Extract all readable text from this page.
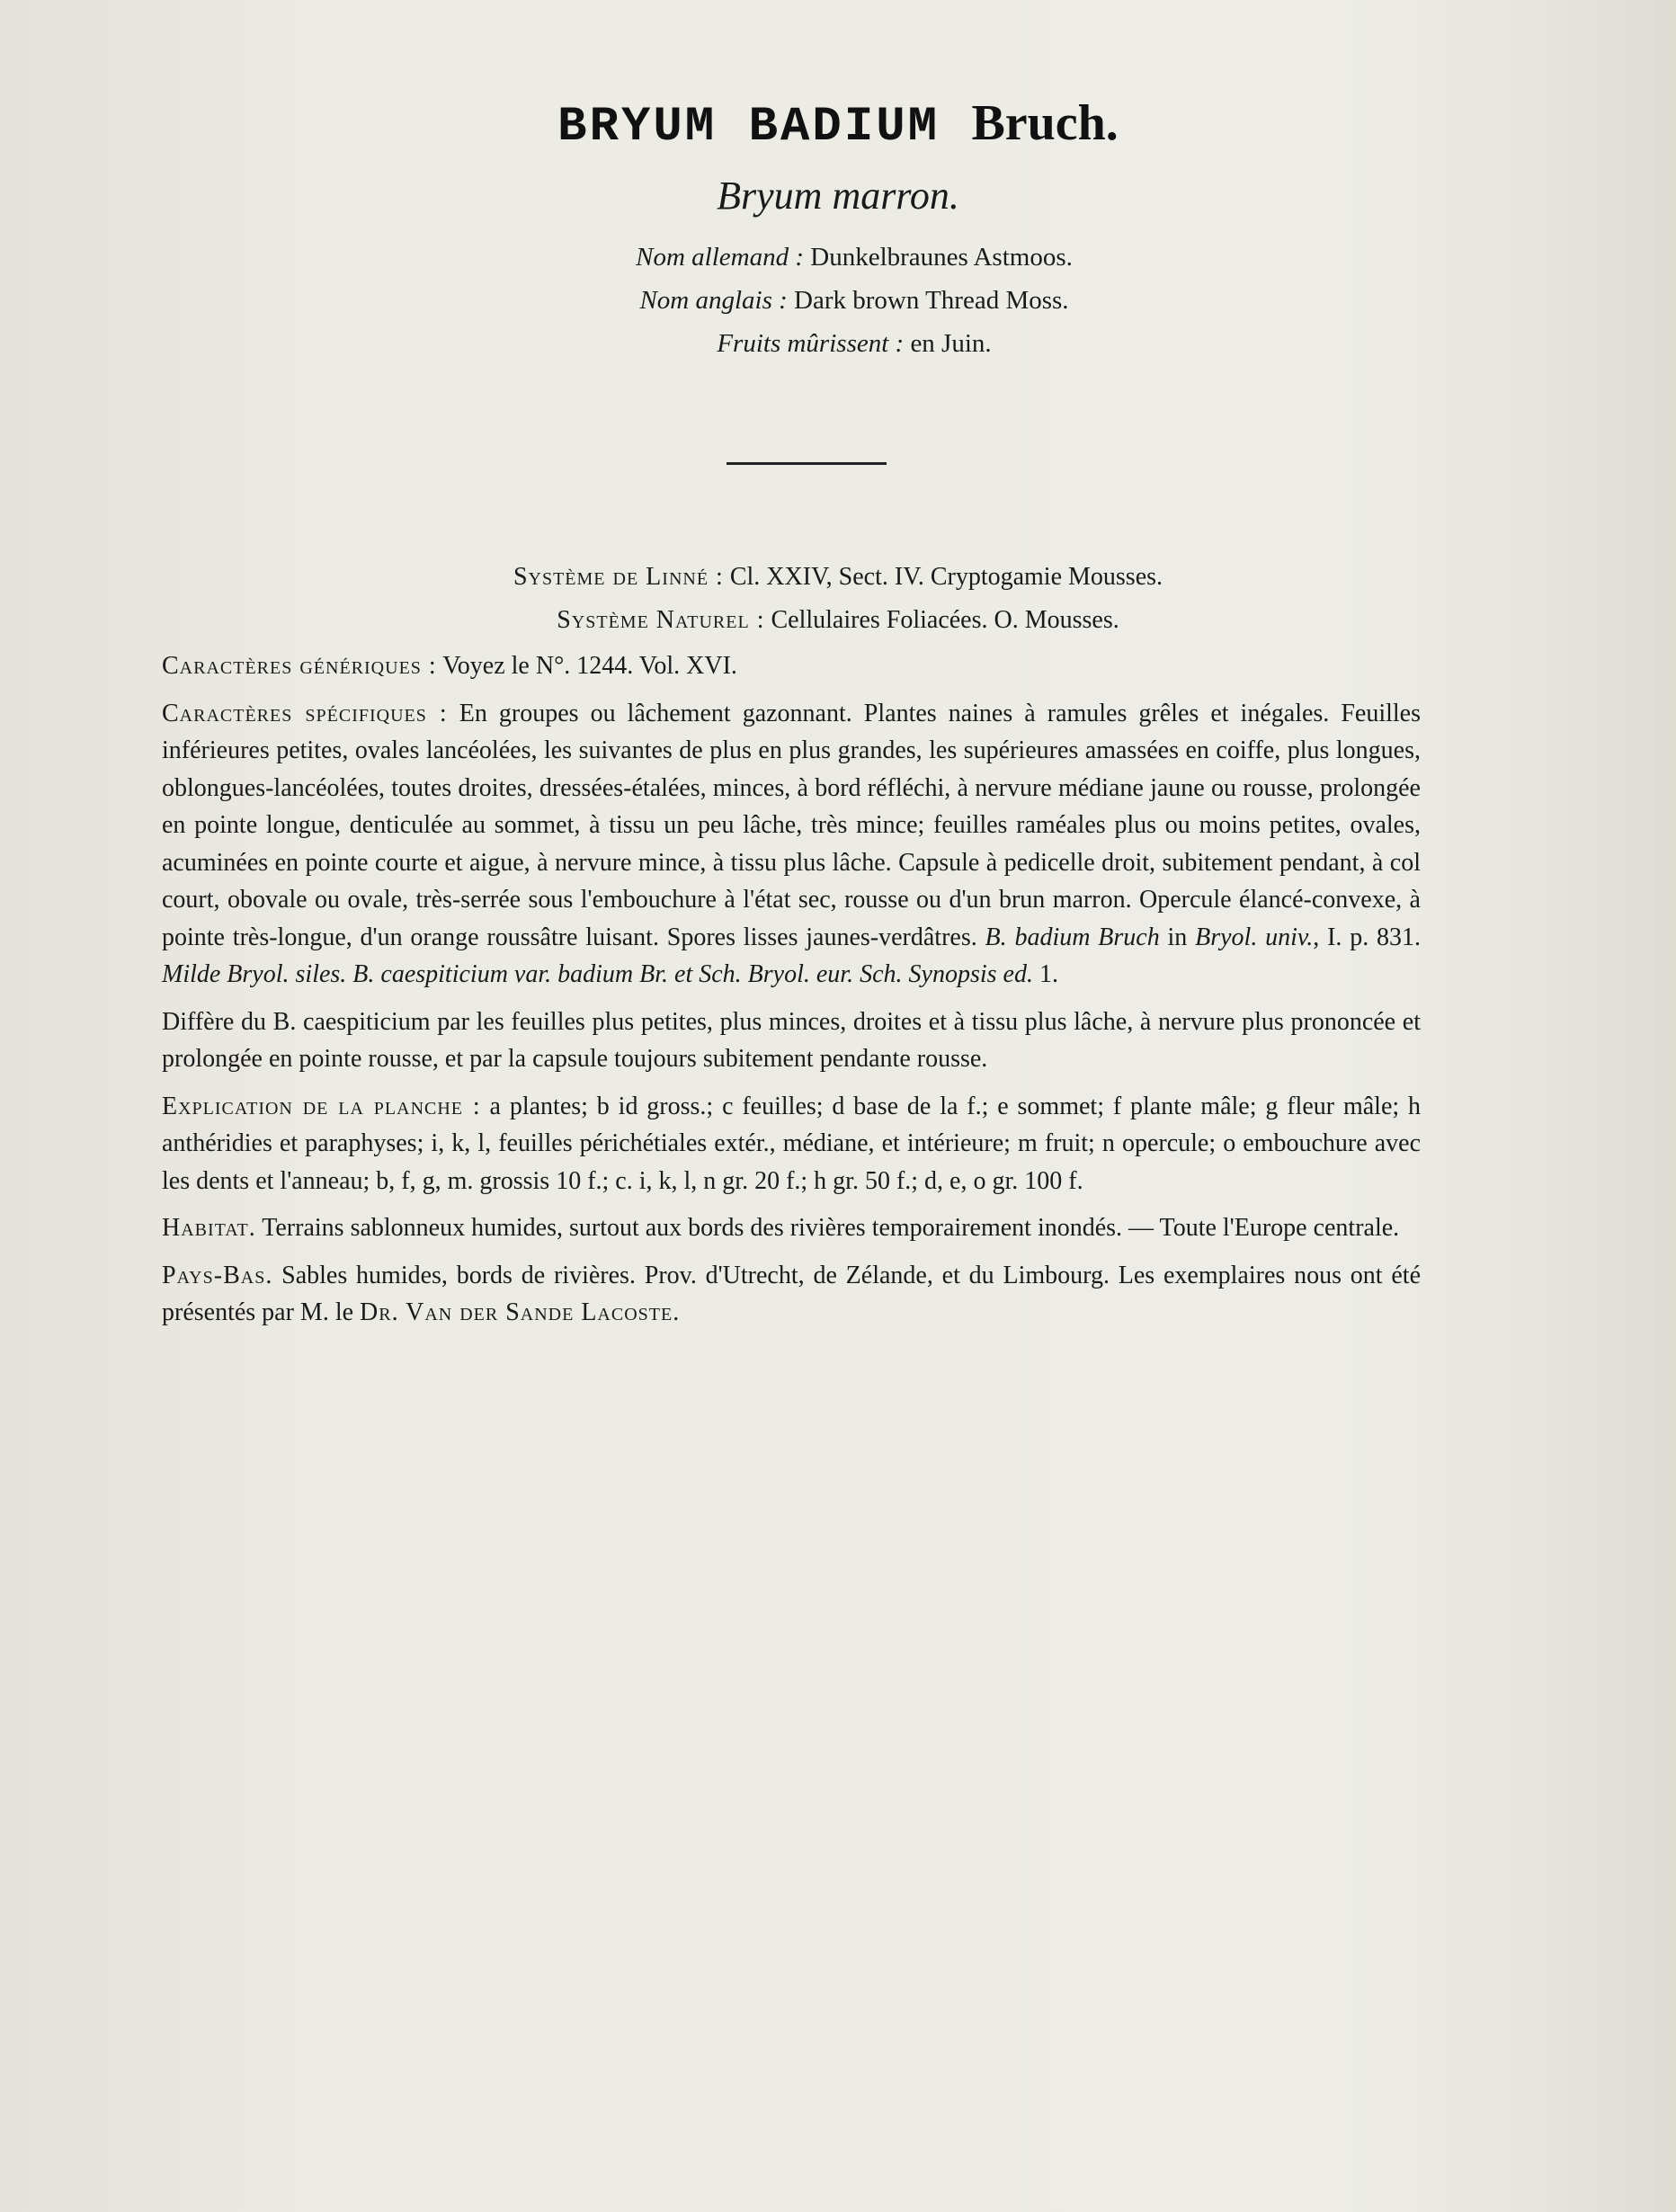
BRYUM BADIUM Bruch.
Bryum marron.
Nom allemand : Dunkelbraunes Astmoos.
Nom anglais : Dark brown Thread Moss.
Fruits mûrissent : en Juin.
Système de Linné : Cl. XXIV, Sect. IV. Cryptogamie Mousses.
Système Naturel : Cellulaires Foliacées. O. Mousses.

Caractères génériques : Voyez le N°. 1244. Vol. XVI.

Caractères spécifiques : En groupes ou lâchement gazonnant. Plantes naines à ramules grêles et inégales. Feuilles inférieures petites, ovales lancéolées, les suivantes de plus en plus grandes, les supérieures amassées en coiffe, plus longues, oblongues-lancéolées, toutes droites, dressées-étalées, minces, à bord réfléchi, à nervure médiane jaune ou rousse, prolongée en pointe longue, denticulée au sommet, à tissu un peu lâche, très mince; feuilles raméales plus ou moins petites, ovales, acuminées en pointe courte et aigue, à nervure mince, à tissu plus lâche. Capsule à pedicelle droit, subitement pendant, à col court, obovale ou ovale, très-serrée sous l'embouchure à l'état sec, rousse ou d'un brun marron. Opercule élancé-convexe, à pointe très-longue, d'un orange roussâtre luisant. Spores lisses jaunes-verdâtres. B. badium Bruch in Bryol. univ., I. p. 831. Milde Bryol. siles. B. caespiticium var. badium Br. et Sch. Bryol. eur. Sch. Synopsis ed. 1.

Diffère du B. caespiticium par les feuilles plus petites, plus minces, droites et à tissu plus lâche, à nervure plus prononcée et prolongée en pointe rousse, et par la capsule toujours subitement pendante rousse.

Explication de la planche : a plantes; b id gross.; c feuilles; d base de la f.; e sommet; f plante mâle; g fleur mâle; h anthéridies et paraphyses; i, k, l, feuilles périchétiales extér., médiane, et intérieure; m fruit; n opercule; o embouchure avec les dents et l'anneau; b, f, g, m. grossis 10 f.; c. i, k, l, n gr. 20 f.; h gr. 50 f.; d, e, o gr. 100 f.

Habitat. Terrains sablonneux humides, surtout aux bords des rivières temporairement inondés. — Toute l'Europe centrale.

Pays-Bas. Sables humides, bords de rivières. Prov. d'Utrecht, de Zélande, et du Limbourg. Les exemplaires nous ont été présentés par M. le Dr. Van der Sande Lacoste.
